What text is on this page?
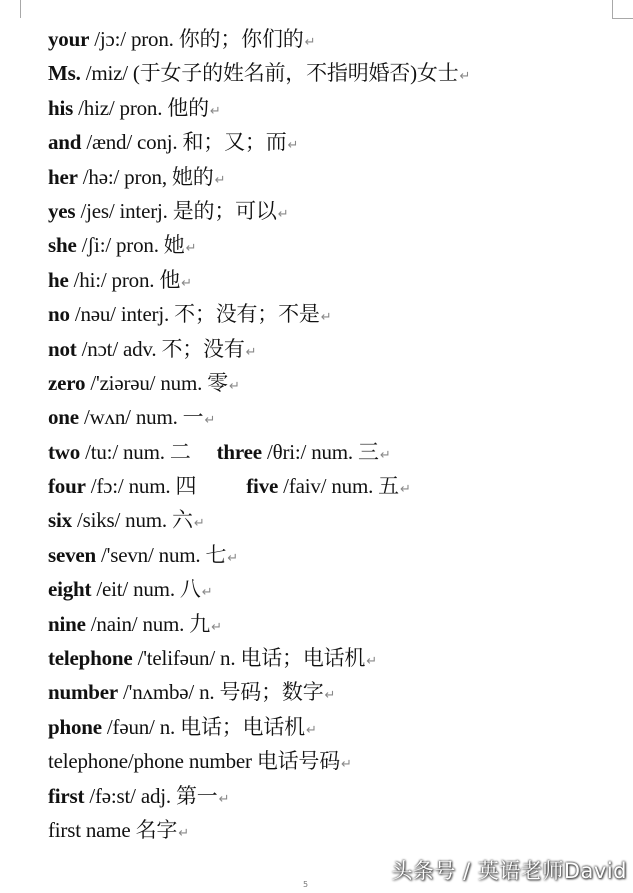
your /jɔ:/ pron. 你的；你们的↵
Ms. /miz/ (于女子的姓名前，不指明婚否)女士↵
his /hiz/ pron. 他的↵
and /ænd/ conj. 和；又；而↵
her /hə:/ pron, 她的↵
yes /jes/ interj. 是的；可以↵
she /ʃi:/ pron. 她↵
he /hi:/ pron. 他↵
no /nəu/ interj. 不；没有；不是↵
not /nɔt/ adv. 不；没有↵
zero /'ziərəu/ num. 零↵
one /wʌn/ num. 一↵
two /tu:/ num. 二 three /θri:/ num. 三↵
four /fɔ:/ num. 四 five /faiv/ num. 五↵
six /siks/ num. 六↵
seven /'sevn/ num. 七↵
eight /eit/ num. 八↵
nine /nain/ num. 九↵
telephone /'telifəun/ n. 电话；电话机↵
number /'nʌmbə/ n. 号码；数字↵
phone /fəun/ n. 电话；电话机↵
telephone/phone number 电话号码↵
first /fə:st/ adj. 第一↵
first name 名字↵
5
头条号 / 英语老师David
